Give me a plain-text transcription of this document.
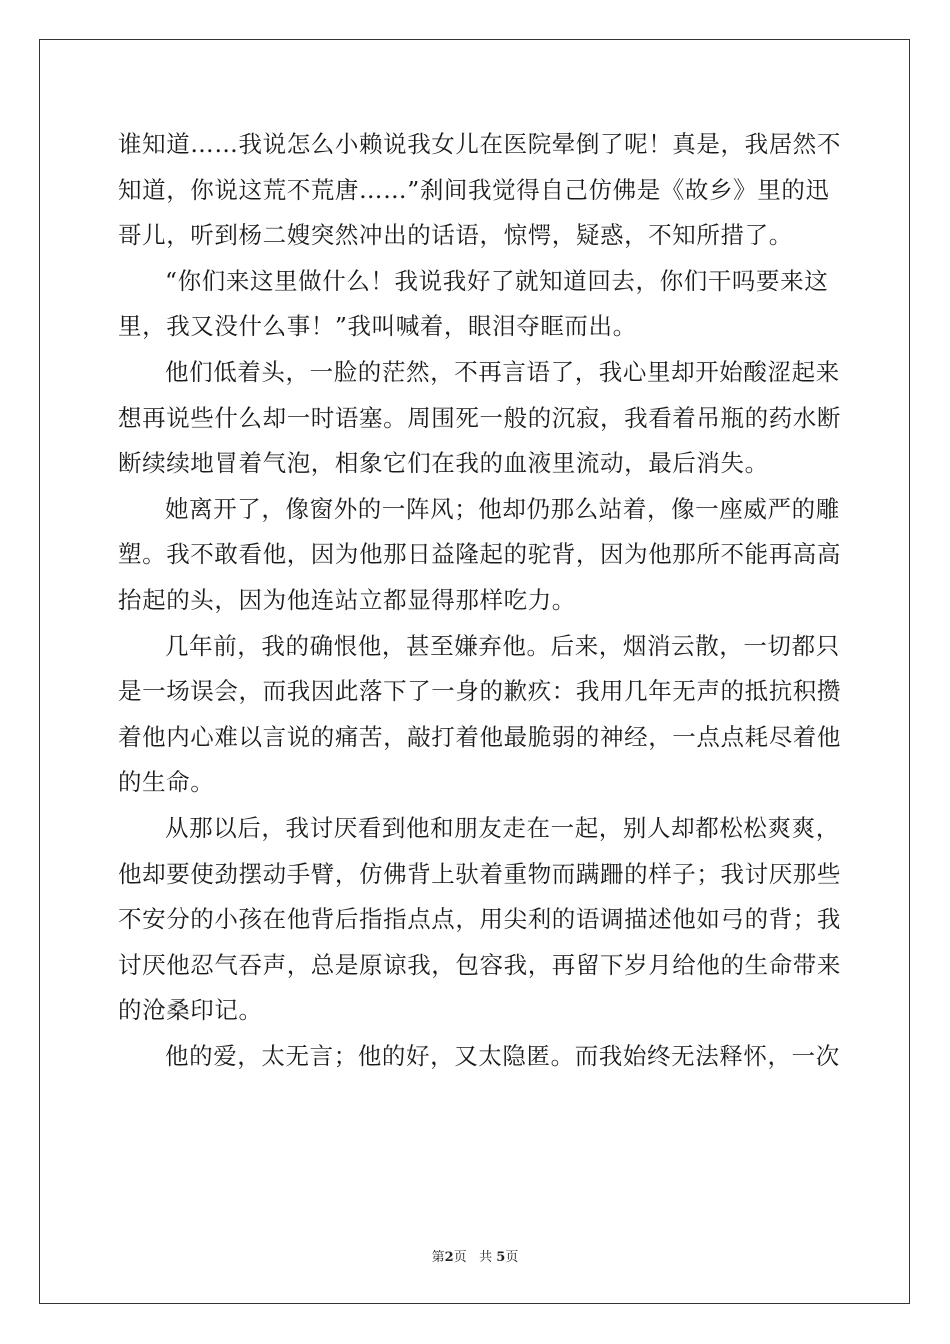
谁知道……我说怎么小赖说我女儿在医院晕倒了呢！真是，我居然不
知道，你说这荒不荒唐……”刹间我觉得自己仿佛是《故乡》里的迅
哥儿，听到杨二嫂突然冲出的话语，惊愕，疑惑，不知所措了。
“你们来这里做什么！我说我好了就知道回去，你们干吗要来这
里，我又没什么事！”我叫喊着，眼泪夺眶而出。
他们低着头，一脸的茫然，不再言语了，我心里却开始酸涩起来
想再说些什么却一时语塞。周围死一般的沉寂，我看着吊瓶的药水断
断续续地冒着气泡，相象它们在我的血液里流动，最后消失。
她离开了，像窗外的一阵风；他却仍那么站着，像一座威严的雕
塑。我不敢看他，因为他那日益隆起的驼背，因为他那所不能再高高
抬起的头，因为他连站立都显得那样吃力。
几年前，我的确恨他，甚至嫌弃他。后来，烟消云散，一切都只
是一场误会，而我因此落下了一身的歉疚：我用几年无声的抵抗积攒
着他内心难以言说的痛苦，敲打着他最脆弱的神经，一点点耗尽着他
的生命。
从那以后，我讨厌看到他和朋友走在一起，别人却都松松爽爽，
他却要使劲摆动手臂，仿佛背上驮着重物而蹒跚的样子；我讨厌那些
不安分的小孩在他背后指指点点，用尖利的语调描述他如弓的背；我
讨厌他忍气吞声，总是原谅我，包容我，再留下岁月给他的生命带来
的沧桑印记。
他的爱，太无言；他的好，又太隐匿。而我始终无法释怀，一次
第2页 共 5页
